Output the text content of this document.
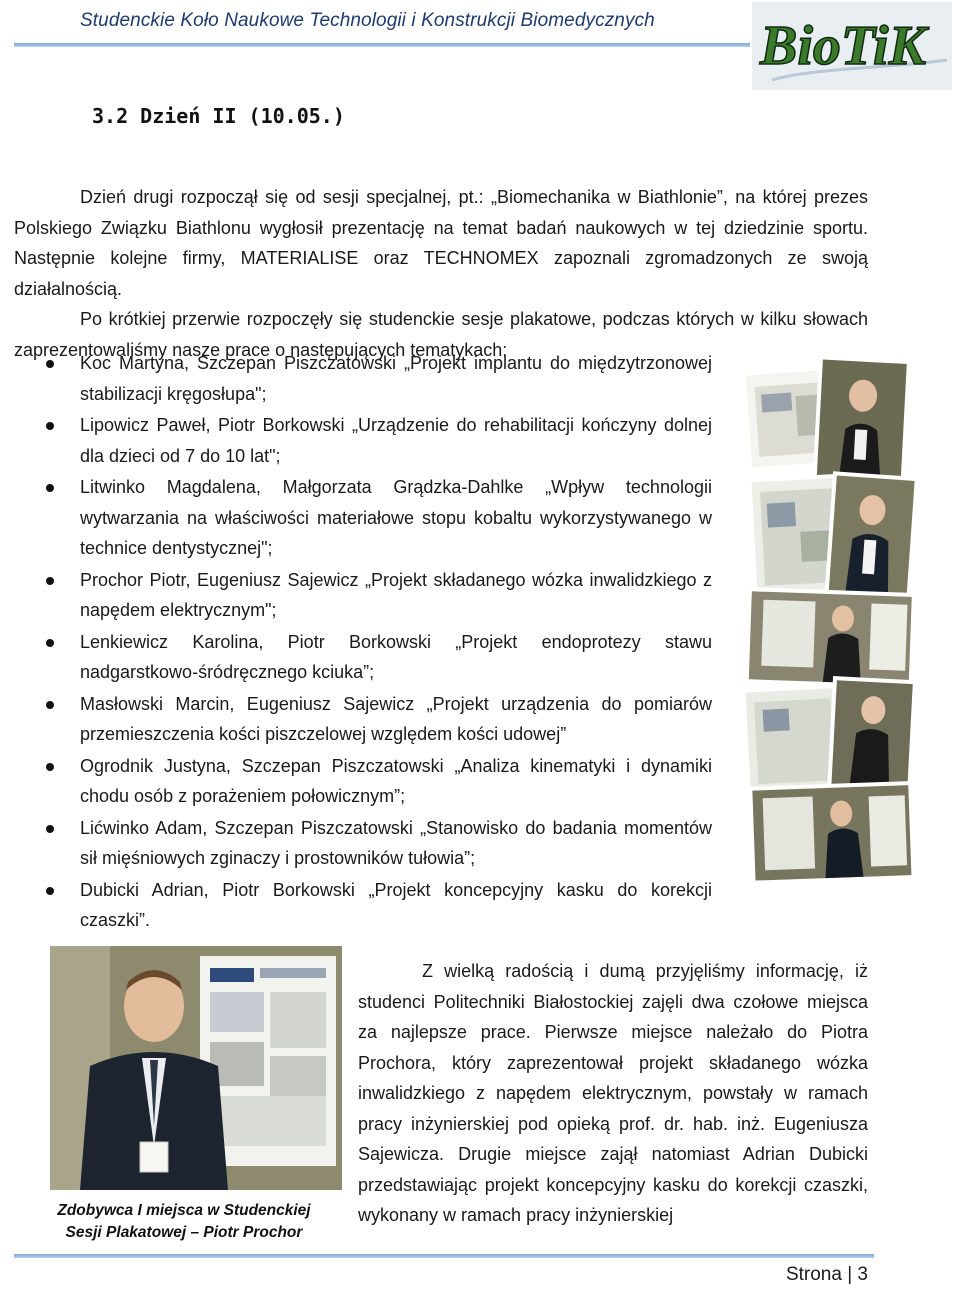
Studenckie Koło Naukowe Technologii i Konstrukcji Biomedycznych BioTiK
3.2 Dzień II (10.05.)

Dzień drugi rozpoczął się od sesji specjalnej, pt.: „Biomechanika w Biathlonie”, na której prezes Polskiego Związku Biathlonu wygłosił prezentację na temat badań naukowych w tej dziedzinie sportu. Następnie kolejne firmy, MATERIALISE oraz TECHNOMEX zapoznali zgromadzonych ze swoją działalnością.

Po krótkiej przerwie rozpoczęły się studenckie sesje plakatowe, podczas których w kilku słowach zaprezentowaliśmy nasze prace o następujących tematykach:

Koc Martyna, Szczepan Piszczatowski „Projekt implantu do międzytrzonowej stabilizacji kręgosłupa";
Lipowicz Paweł, Piotr Borkowski „Urządzenie do rehabilitacji kończyny dolnej dla dzieci od 7 do 10 lat";
Litwinko Magdalena, Małgorzata Grądzka-Dahlke „Wpływ technologii wytwarzania na właściwości materiałowe stopu kobaltu wykorzystywanego w technice dentystycznej";
Prochor Piotr, Eugeniusz Sajewicz „Projekt składanego wózka inwalidzkiego z napędem elektrycznym";
Lenkiewicz Karolina, Piotr Borkowski „Projekt endoprotezy stawu nadgarstkowo-śródręcznego kciuka”;
Masłowski Marcin, Eugeniusz Sajewicz „Projekt urządzenia do pomiarów przemieszczenia kości piszczelowej względem kości udowej”
Ogrodnik Justyna, Szczepan Piszczatowski „Analiza kinematyki i dynamiki chodu osób z porażeniem połowicznym”;
Lićwinko Adam, Szczepan Piszczatowski „Stanowisko do badania momentów sił mięśniowych zginaczy i prostowników tułowia”;
Dubicki Adrian, Piotr Borkowski „Projekt koncepcyjny kasku do korekcji czaszki”.
Zdobywca I miejsca w Studenckiej Sesji Plakatowej – Piotr Prochor

Z wielką radością i dumą przyjęliśmy informację, iż studenci Politechniki Białostockiej zajęli dwa czołowe miejsca za najlepsze prace. Pierwsze miejsce należało do Piotra Prochora, który zaprezentował projekt składanego wózka inwalidzkiego z napędem elektrycznym, powstały w ramach pracy inżynierskiej pod opieką prof. dr. hab. inż. Eugeniusza Sajewicza. Drugie miejsce zajął natomiast Adrian Dubicki przedstawiając projekt koncepcyjny kasku do korekcji czaszki, wykonany w ramach pracy inżynierskiej

Strona | 3
